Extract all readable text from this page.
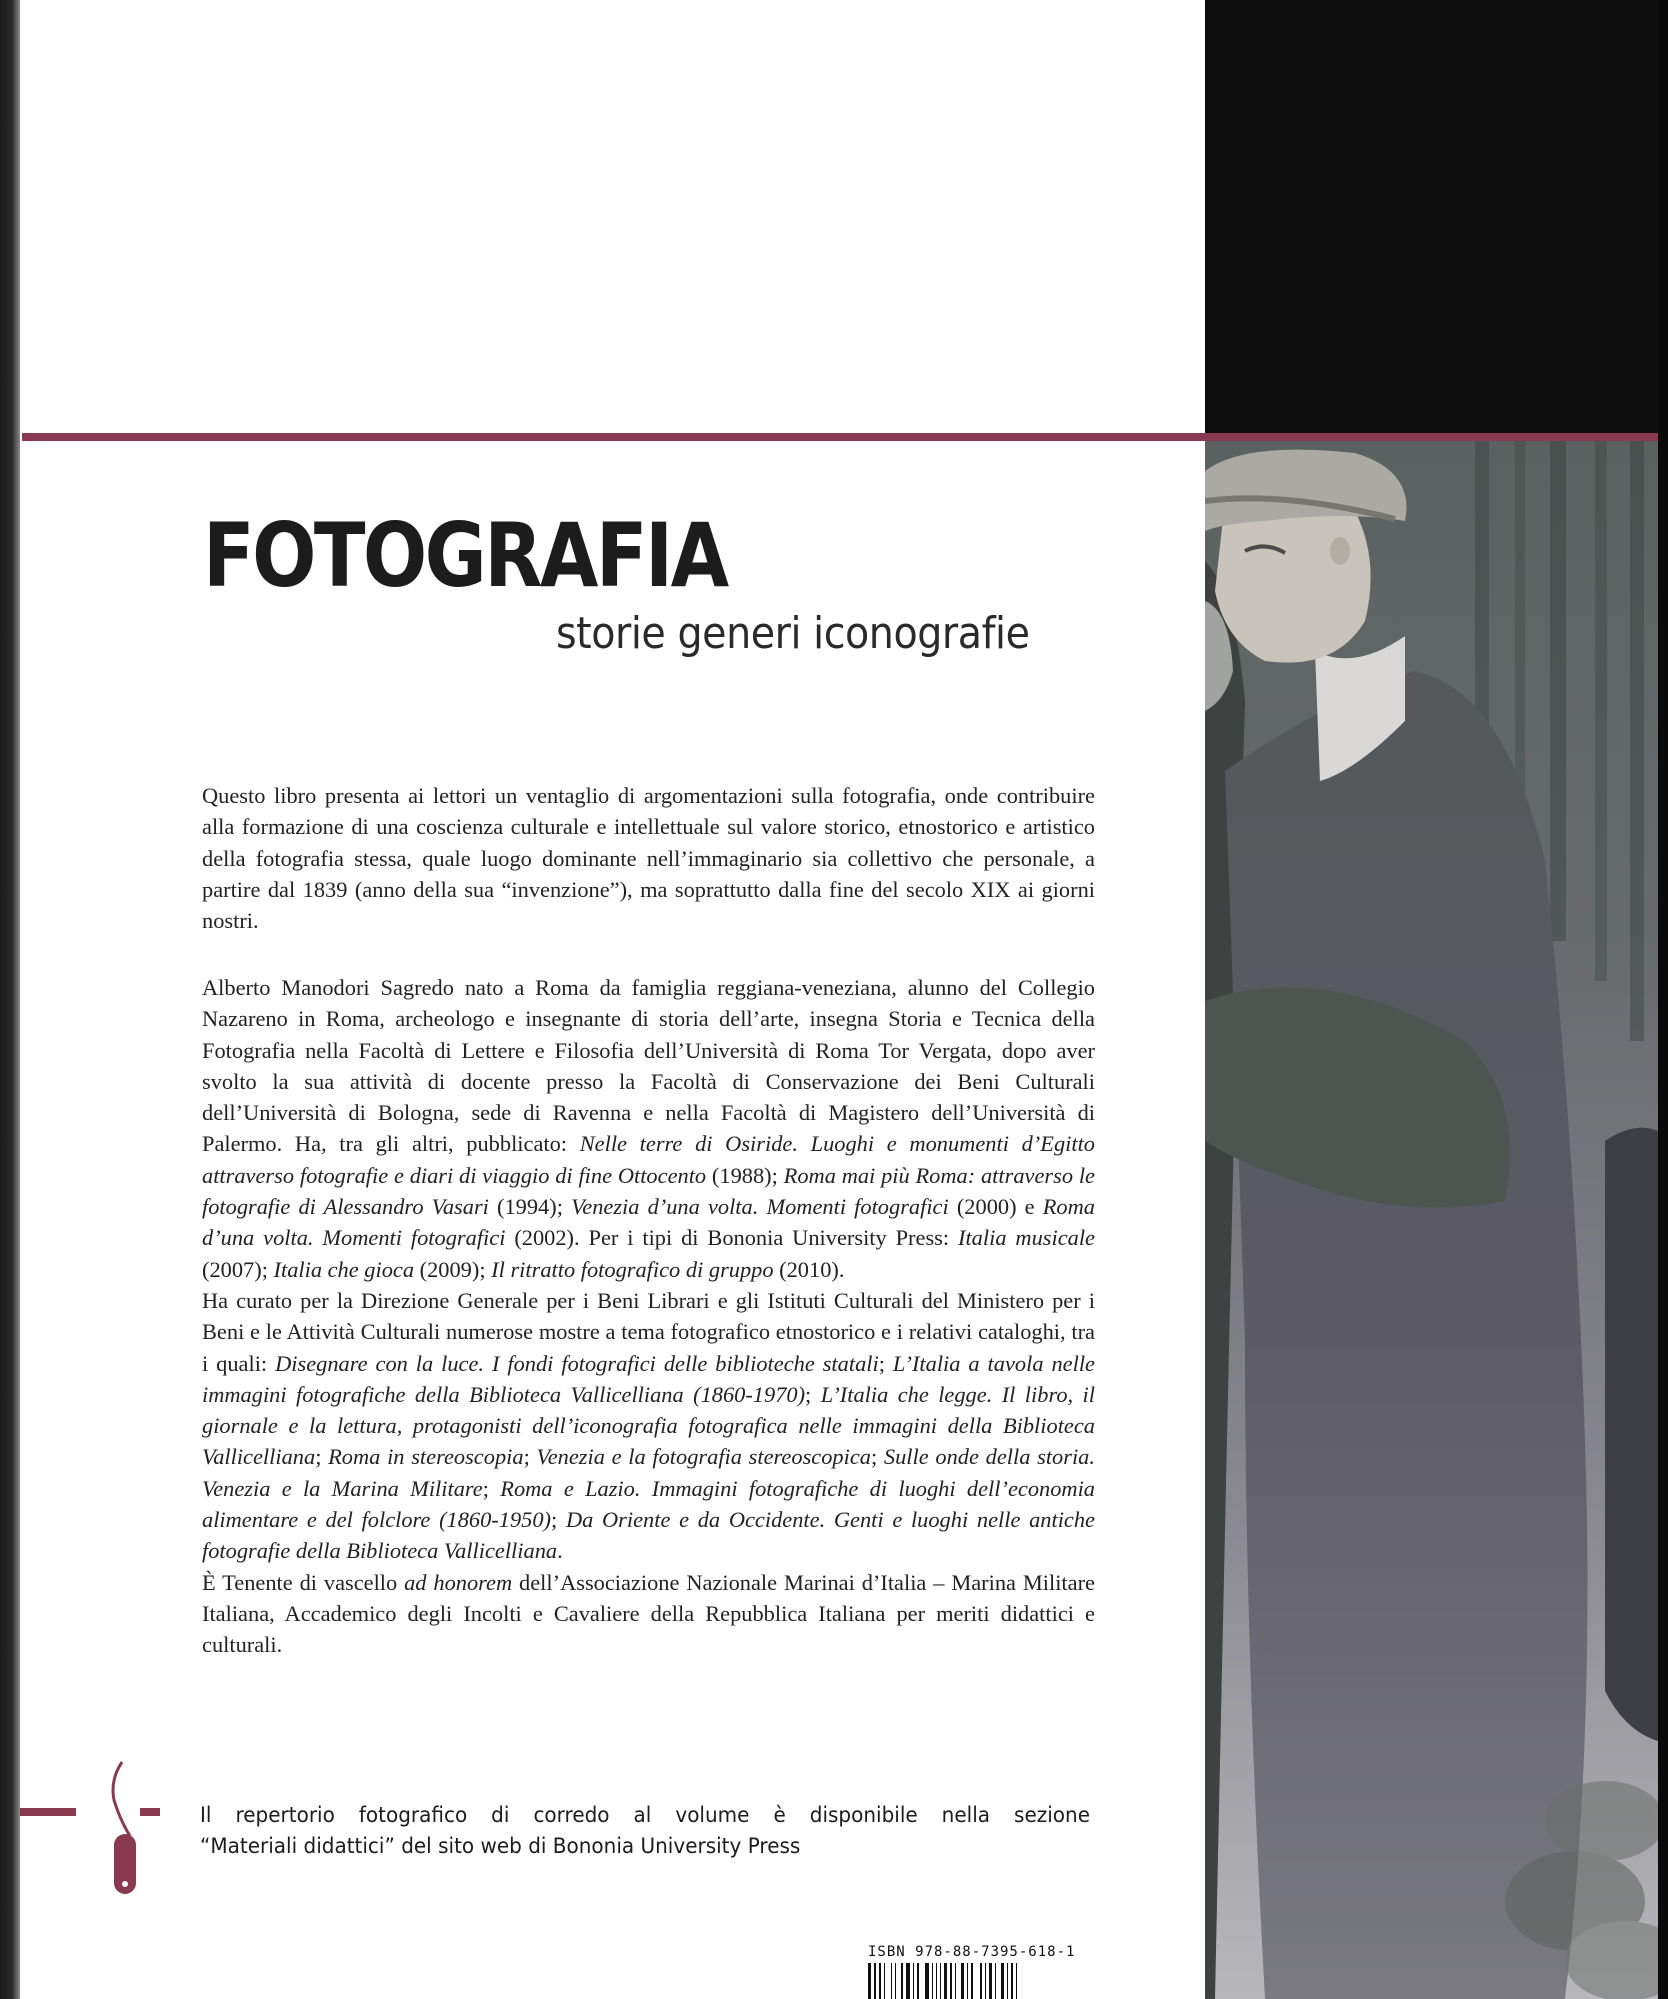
FOTOGRAFIA
storie generi iconografie

Questo libro presenta ai lettori un ventaglio di argomentazioni sulla fotografia, onde contribuire alla formazione di una coscienza culturale e intellettuale sul valore storico, etnostorico e artistico della fotografia stessa, quale luogo dominante nell’immaginario sia collettivo che personale, a partire dal 1839 (anno della sua “invenzione”), ma soprattutto dalla fine del secolo XIX ai giorni nostri.

Alberto Manodori Sagredo nato a Roma da famiglia reggiana-veneziana, alunno del Collegio Nazareno in Roma, archeologo e insegnante di storia dell’arte, insegna Storia e Tecnica della Fotografia nella Facoltà di Lettere e Filosofia dell’Università di Roma Tor Vergata, dopo aver svolto la sua attività di docente presso la Facoltà di Conservazione dei Beni Culturali dell’Università di Bologna, sede di Ravenna e nella Facoltà di Magistero dell’Università di Palermo. Ha, tra gli altri, pubblicato: Nelle terre di Osiride. Luoghi e monumenti d’Egitto attraverso fotografie e diari di viaggio di fine Ottocento (1988); Roma mai più Roma: attraverso le fotografie di Alessandro Vasari (1994); Venezia d’una volta. Momenti fotografici (2000) e Roma d’una volta. Momenti fotografici (2002). Per i tipi di Bononia University Press: Italia musicale (2007); Italia che gioca (2009); Il ritratto fotografico di gruppo (2010).

Ha curato per la Direzione Generale per i Beni Librari e gli Istituti Culturali del Ministero per i Beni e le Attività Culturali numerose mostre a tema fotografico etnostorico e i relativi cataloghi, tra i quali: Disegnare con la luce. I fondi fotografici delle biblioteche statali; L’Italia a tavola nelle immagini fotografiche della Biblioteca Vallicelliana (1860-1970); L’Italia che legge. Il libro, il giornale e la lettura, protagonisti dell’iconografia fotografica nelle immagini della Biblioteca Vallicelliana; Roma in stereoscopia; Venezia e la fotografia stereoscopica; Sulle onde della storia. Venezia e la Marina Militare; Roma e Lazio. Immagini fotografiche di luoghi dell’economia alimentare e del folclore (1860-1950); Da Oriente e da Occidente. Genti e luoghi nelle antiche fotografie della Biblioteca Vallicelliana.

È Tenente di vascello ad honorem dell’Associazione Nazionale Marinai d’Italia – Marina Militare Italiana, Accademico degli Incolti e Cavaliere della Repubblica Italiana per meriti didattici e culturali.

Il repertorio fotografico di corredo al volume è disponibile nella sezione
“Materiali didattici” del sito web di Bononia University Press
ISBN 978-88-7395-618-1
